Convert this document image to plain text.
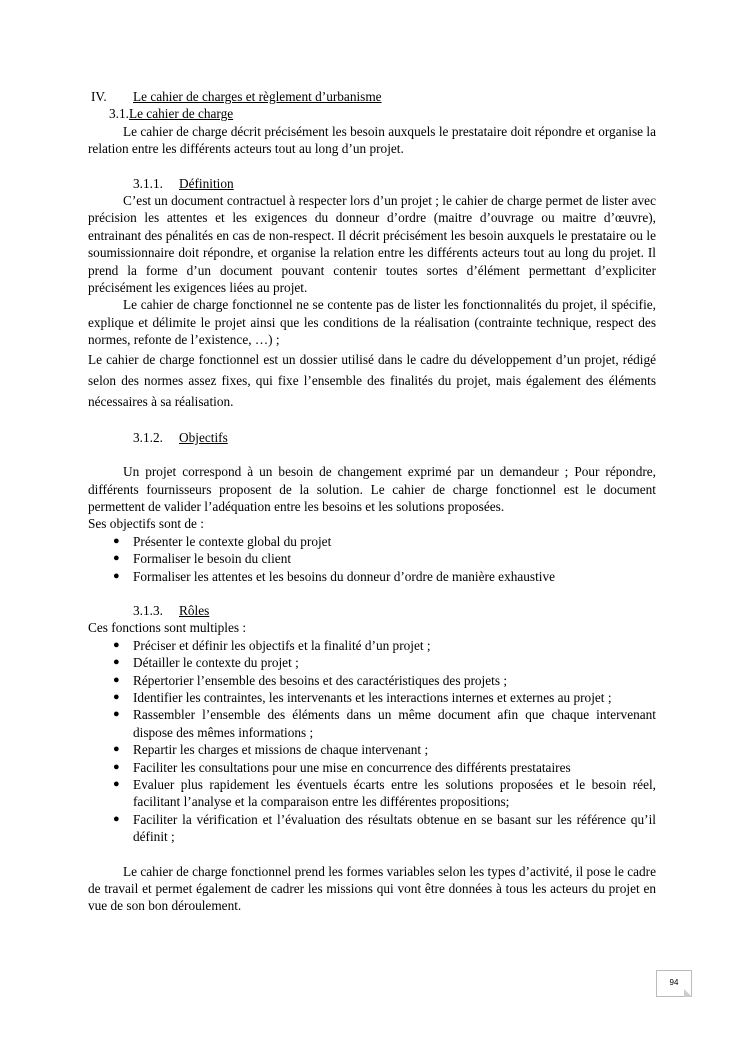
IV. Le cahier de charges et règlement d’urbanisme

3.1.Le cahier de charge

Le cahier de charge décrit précisément les besoin auxquels le prestataire doit répondre et organise la relation entre les différents acteurs tout au long d’un projet.

3.1.1. Définition

C’est un document contractuel à respecter lors d’un projet ; le cahier de charge permet de lister avec précision les attentes et les exigences du donneur d’ordre (maitre d’ouvrage ou maitre d’œuvre), entrainant des pénalités en cas de non-respect. Il décrit précisément les besoin auxquels le prestataire ou le soumissionnaire doit répondre, et organise la relation entre les différents acteurs tout au long du projet. Il prend la forme d’un document pouvant contenir toutes sortes d’élément permettant d’expliciter précisément les exigences liées au projet.

Le cahier de charge fonctionnel ne se contente pas de lister les fonctionnalités du projet, il spécifie, explique et délimite le projet ainsi que les conditions de la réalisation (contrainte technique, respect des normes, refonte de l’existence, …) ;

Le cahier de charge fonctionnel est un dossier utilisé dans le cadre du développement d’un projet, rédigé selon des normes assez fixes, qui fixe l’ensemble des finalités du projet, mais également des éléments nécessaires à sa réalisation.

3.1.2. Objectifs

Un projet correspond à un besoin de changement exprimé par un demandeur ; Pour répondre, différents fournisseurs proposent de la solution. Le cahier de charge fonctionnel est le document permettent de valider l’adéquation entre les besoins et les solutions proposées.

Ses objectifs sont de :

● Présenter le contexte global du projet
● Formaliser le besoin du client
● Formaliser les attentes et les besoins du donneur d’ordre de manière exhaustive

3.1.3. Rôles

Ces fonctions sont multiples :

● Préciser et définir les objectifs et la finalité d’un projet ;
● Détailler le contexte du projet ;
● Répertorier l’ensemble des besoins et des caractéristiques des projets ;
● Identifier les contraintes, les intervenants et les interactions internes et externes au projet ;
● Rassembler l’ensemble des éléments dans un même document afin que chaque intervenant dispose des mêmes informations ;
● Repartir les charges et missions de chaque intervenant ;
● Faciliter les consultations pour une mise en concurrence des différents prestataires
● Evaluer plus rapidement les éventuels écarts entre les solutions proposées et le besoin réel, facilitant l’analyse et la comparaison entre les différentes propositions;
● Faciliter la vérification et l’évaluation des résultats obtenue en se basant sur les référence qu’il définit ;

Le cahier de charge fonctionnel prend les formes variables selon les types d’activité, il pose le cadre de travail et permet également de cadrer les missions qui vont être données à tous les acteurs du projet en vue de son bon déroulement.

94
